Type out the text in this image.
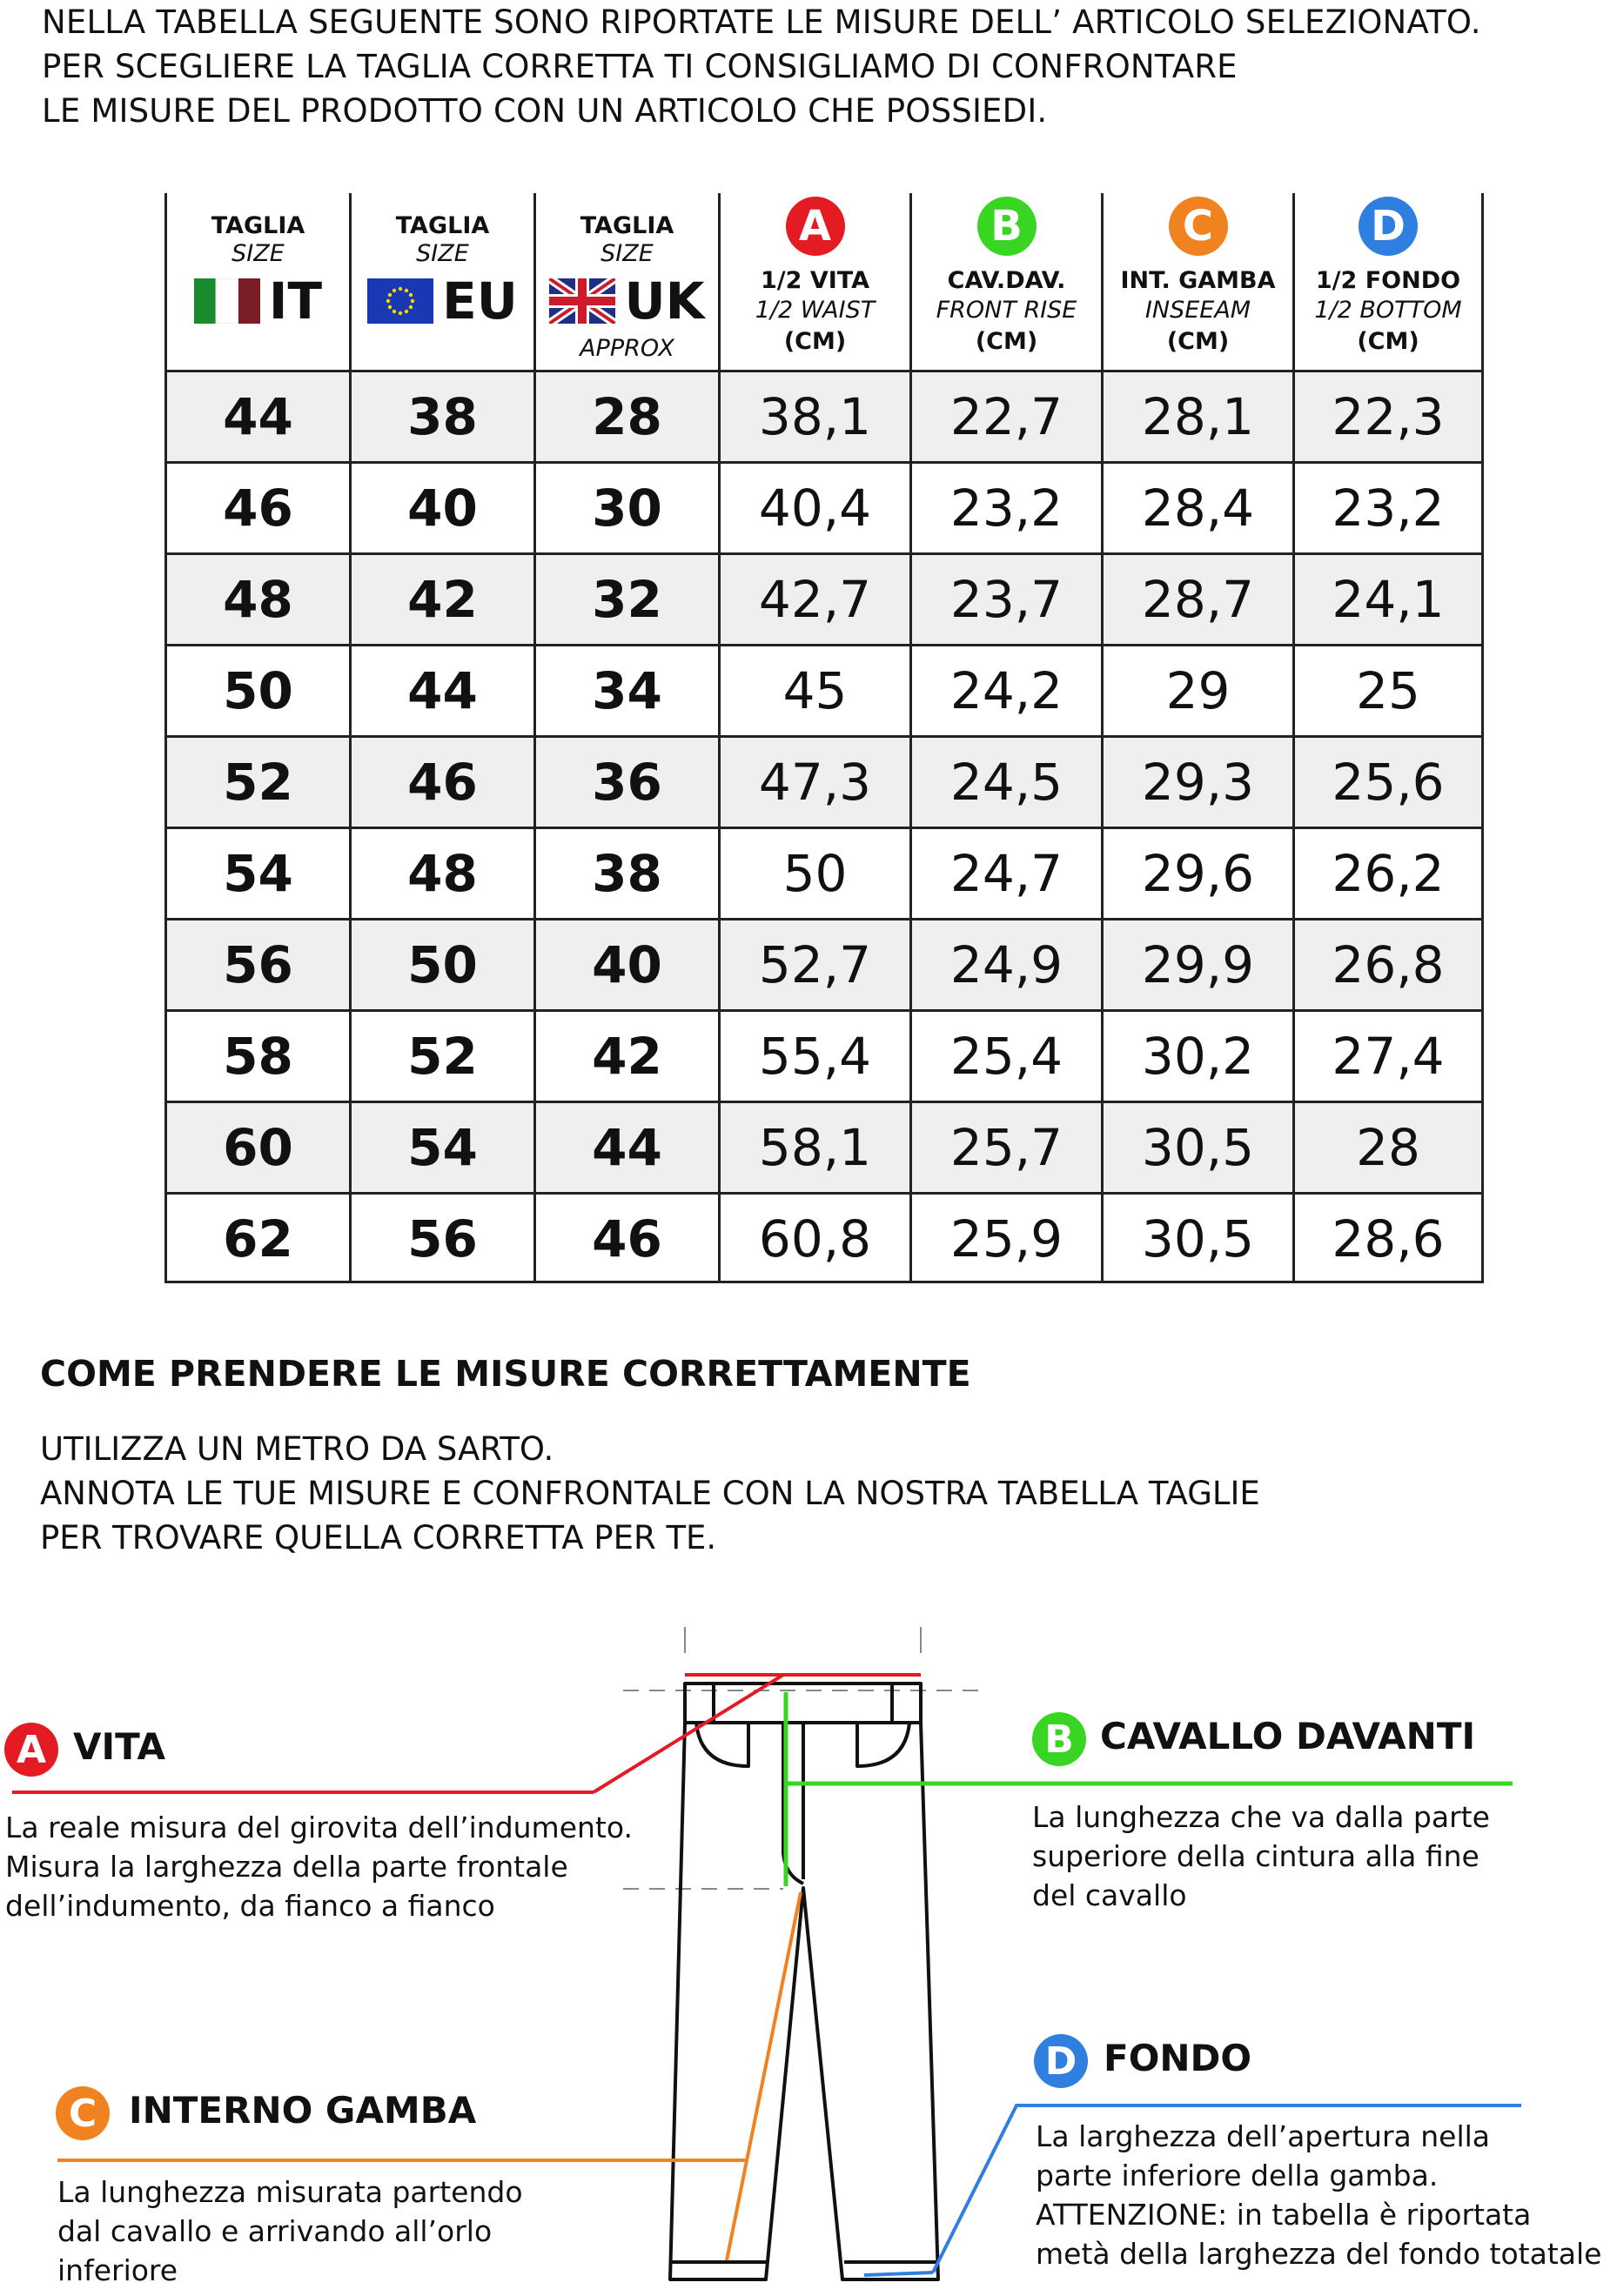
NELLA TABELLA SEGUENTE SONO RIPORTATE LE MISURE DELL’ ARTICOLO SELEZIONATO.
PER SCEGLIERE LA TAGLIA CORRETTA TI CONSIGLIAMO DI CONFRONTARE
LE MISURE DEL PRODOTTO CON UN ARTICOLO CHE POSSIEDI.
TAGLIA
SIZE
IT
TAGLIA
SIZE
EU
TAGLIA
SIZE
UK
APPROX
A
1/2 VITA
1/2 WAIST
(CM)
B
CAV.DAV.
FRONT RISE
(CM)
C
INT. GAMBA
INSEEAM
(CM)
D
1/2 FONDO
1/2 BOTTOM
(CM)
44	38	28	38,1	22,7	28,1	22,3
46	40	30	40,4	23,2	28,4	23,2
48	42	32	42,7	23,7	28,7	24,1
50	44	34	45	24,2	29	25
52	46	36	47,3	24,5	29,3	25,6
54	48	38	50	24,7	29,6	26,2
56	50	40	52,7	24,9	29,9	26,8
58	52	42	55,4	25,4	30,2	27,4
60	54	44	58,1	25,7	30,5	28
62	56	46	60,8	25,9	30,5	28,6
COME PRENDERE LE MISURE CORRETTAMENTE
UTILIZZA UN METRO DA SARTO.
ANNOTA LE TUE MISURE E CONFRONTALE CON LA NOSTRA TABELLA TAGLIE
PER TROVARE QUELLA CORRETTA PER TE.
A VITA
La reale misura del girovita dell’indumento.
Misura la larghezza della parte frontale
dell’indumento, da fianco a fianco
B CAVALLO DAVANTI
La lunghezza che va dalla parte
superiore della cintura alla fine
del cavallo
C INTERNO GAMBA
La lunghezza misurata partendo
dal cavallo e arrivando all’orlo
inferiore
D FONDO
La larghezza dell’apertura nella
parte inferiore della gamba.
ATTENZIONE: in tabella è riportata
metà della larghezza del fondo totatale
